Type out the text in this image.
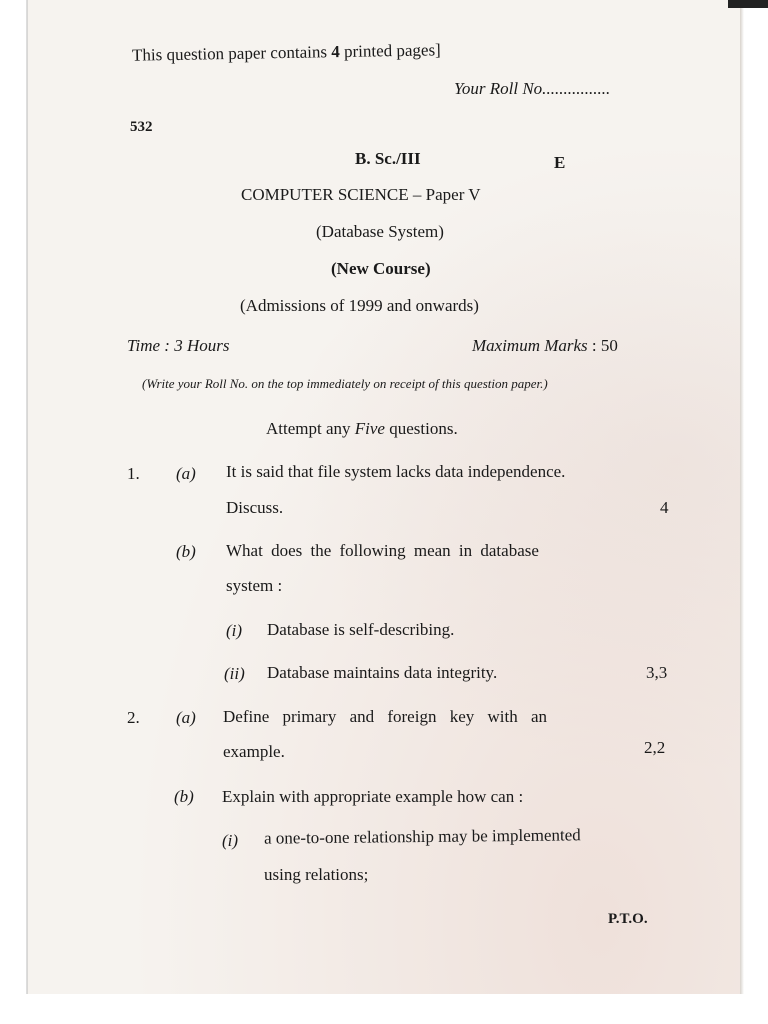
This question paper contains 4 printed pages]
Your Roll No................
532
B. Sc./III	E
COMPUTER SCIENCE – Paper V
(Database System)
(New Course)
(Admissions of 1999 and onwards)
Time : 3 Hours	Maximum Marks : 50
(Write your Roll No. on the top immediately on receipt of this question paper.)
Attempt any Five questions.
1. (a) It is said that file system lacks data independence.
Discuss.	4
(b) What does the following mean in database
system :
(i) Database is self-describing.
(ii) Database maintains data integrity.	3,3
2. (a) Define primary and foreign key with an
example.	2,2
(b) Explain with appropriate example how can :
(i) a one-to-one relationship may be implemented
using relations;
P.T.O.
